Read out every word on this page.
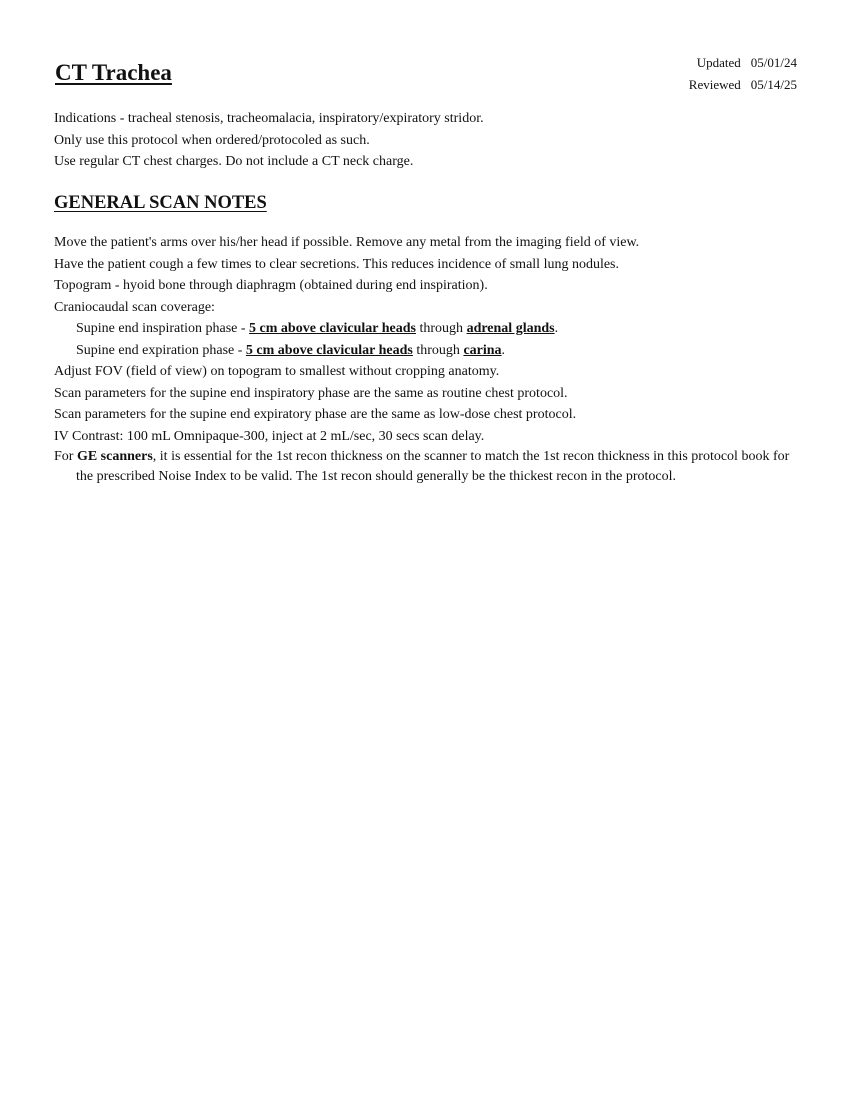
CT Trachea	Updated 05/01/24
Reviewed 05/14/25

Indications - tracheal stenosis, tracheomalacia, inspiratory/expiratory stridor.

Only use this protocol when ordered/protocoled as such.

Use regular CT chest charges. Do not include a CT neck charge.

GENERAL SCAN NOTES

Move the patient's arms over his/her head if possible. Remove any metal from the imaging field of view.

Have the patient cough a few times to clear secretions. This reduces incidence of small lung nodules.

Topogram - hyoid bone through diaphragm (obtained during end inspiration).

Craniocaudal scan coverage:

Supine end inspiration phase - 5 cm above clavicular heads through adrenal glands.

Supine end expiration phase - 5 cm above clavicular heads through carina.

Adjust FOV (field of view) on topogram to smallest without cropping anatomy.

Scan parameters for the supine end inspiratory phase are the same as routine chest protocol.

Scan parameters for the supine end expiratory phase are the same as low-dose chest protocol.

IV Contrast: 100 mL Omnipaque-300, inject at 2 mL/sec, 30 secs scan delay.

For GE scanners, it is essential for the 1st recon thickness on the scanner to match the 1st recon thickness in this protocol book for the prescribed Noise Index to be valid. The 1st recon should generally be the thickest recon in the protocol.
